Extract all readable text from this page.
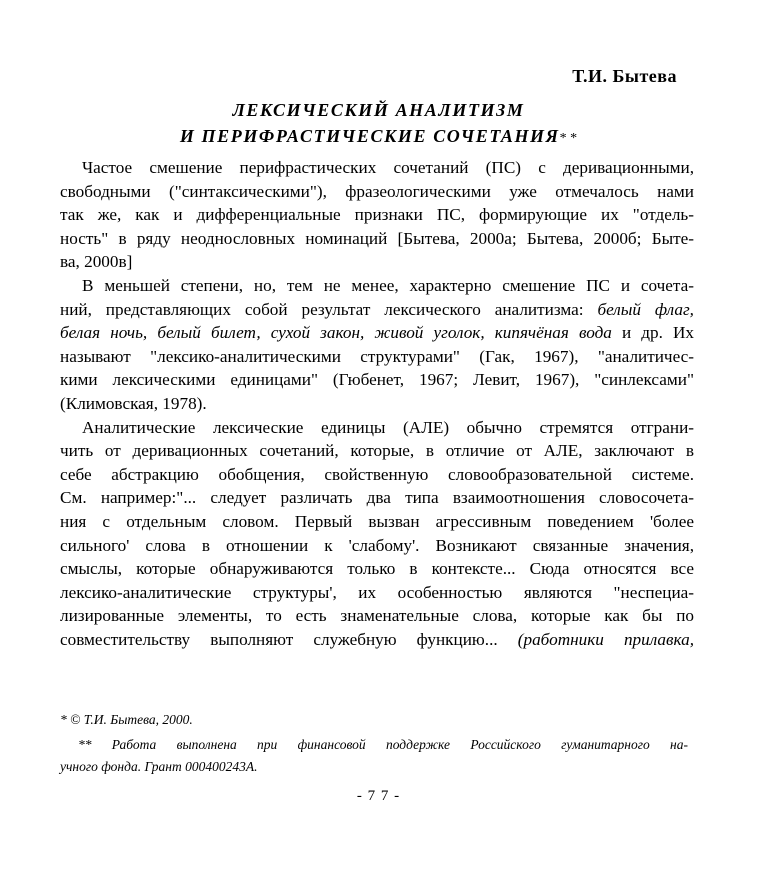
Т.И. Бытева
ЛЕКСИЧЕСКИЙ АНАЛИТИЗМ
И ПЕРИФРАСТИЧЕСКИЕ СОЧЕТАНИЯ* *
Частое смешение перифрастических сочетаний (ПС) с деривационными,
свободными ("синтаксическими"), фразеологическими уже отмечалось нами
так же, как и дифференциальные признаки ПС, формирующие их "отдель-
ность" в ряду неоднословных номинаций [Бытева, 2000а; Бытева, 2000б; Быте-
ва, 2000в]
В меньшей степени, но, тем не менее, характерно смешение ПС и сочета-
ний, представляющих собой результат лексического аналитизма: белый флаг,
белая ночь, белый билет, сухой закон, живой уголок, кипячёная вода и др. Их
называют "лексико-аналитическими структурами" (Гак, 1967), "аналитичес-
кими лексическими единицами" (Гюбенет, 1967; Левит, 1967), "синлексами"
(Климовская, 1978).
Аналитические лексические единицы (АЛЕ) обычно стремятся отграни-
чить от деривационных сочетаний, которые, в отличие от АЛЕ, заключают в
себе абстракцию обобщения, свойственную словообразовательной системе.
См. например:"... следует различать два типа взаимоотношения словосочета-
ния с отдельным словом. Первый вызван агрессивным поведением 'более
сильного' слова в отношении к 'слабому'. Возникают связанные значения,
смыслы, которые обнаруживаются только в контексте... Сюда относятся все
лексико-аналитические структуры', их особенностью являются "неспециа-
лизированные элементы, то есть знаменательные слова, которые как бы по
совместительству выполняют служебную функцию... (работники прилавка,
* © Т.И. Бытева, 2000.
** Работа выполнена при финансовой поддержке Российского гуманитарного на-
учного фонда. Грант 000400243А.
- 7 7 -
